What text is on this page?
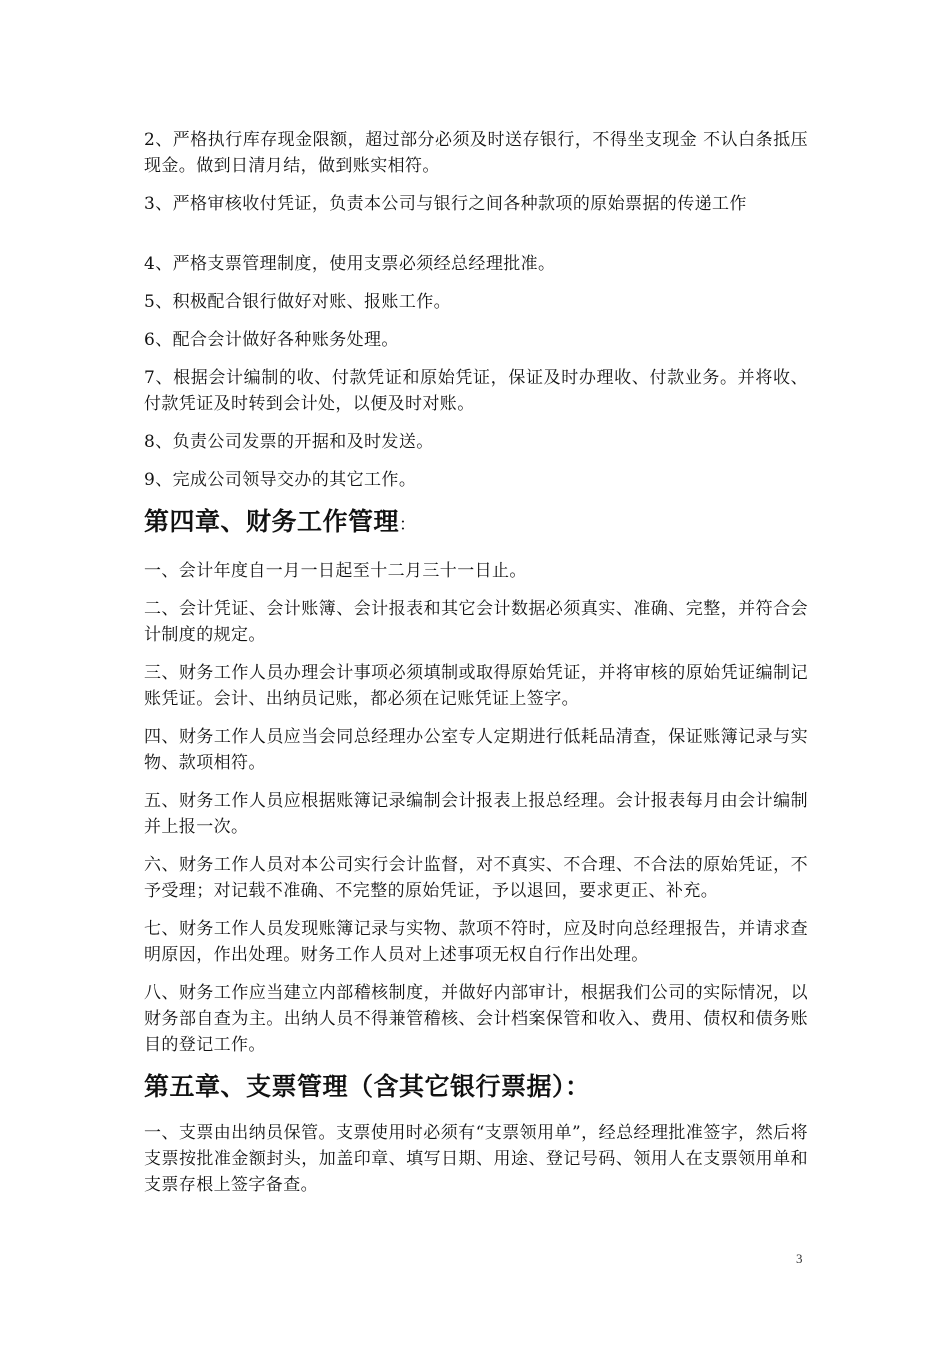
2、严格执行库存现金限额，超过部分必须及时送存银行，不得坐支现金 不认白条抵压现金。做到日清月结，做到账实相符。

3、严格审核收付凭证，负责本公司与银行之间各种款项的原始票据的传递工作

4、严格支票管理制度，使用支票必须经总经理批准。

5、积极配合银行做好对账、报账工作。

6、配合会计做好各种账务处理。

7、根据会计编制的收、付款凭证和原始凭证，保证及时办理收、付款业务。并将收、付款凭证及时转到会计处，以便及时对账。

8、负责公司发票的开据和及时发送。

9、完成公司领导交办的其它工作。

第四章、财务工作管理：

一、会计年度自一月一日起至十二月三十一日止。

二、会计凭证、会计账簿、会计报表和其它会计数据必须真实、准确、完整，并符合会计制度的规定。

三、财务工作人员办理会计事项必须填制或取得原始凭证，并将审核的原始凭证编制记账凭证。会计、出纳员记账，都必须在记账凭证上签字。

四、财务工作人员应当会同总经理办公室专人定期进行低耗品清查，保证账簿记录与实物、款项相符。

五、财务工作人员应根据账簿记录编制会计报表上报总经理。会计报表每月由会计编制并上报一次。

六、财务工作人员对本公司实行会计监督，对不真实、不合理、不合法的原始凭证，不予受理；对记载不准确、不完整的原始凭证，予以退回，要求更正、补充。

七、财务工作人员发现账簿记录与实物、款项不符时，应及时向总经理报告，并请求查明原因，作出处理。财务工作人员对上述事项无权自行作出处理。

八、财务工作应当建立内部稽核制度，并做好内部审计，根据我们公司的实际情况，以财务部自查为主。出纳人员不得兼管稽核、会计档案保管和收入、费用、债权和债务账目的登记工作。

第五章、支票管理（含其它银行票据）：

一、支票由出纳员保管。支票使用时必须有“支票领用单”，经总经理批准签字，然后将支票按批准金额封头，加盖印章、填写日期、用途、登记号码、领用人在支票领用单和支票存根上签字备查。

3
